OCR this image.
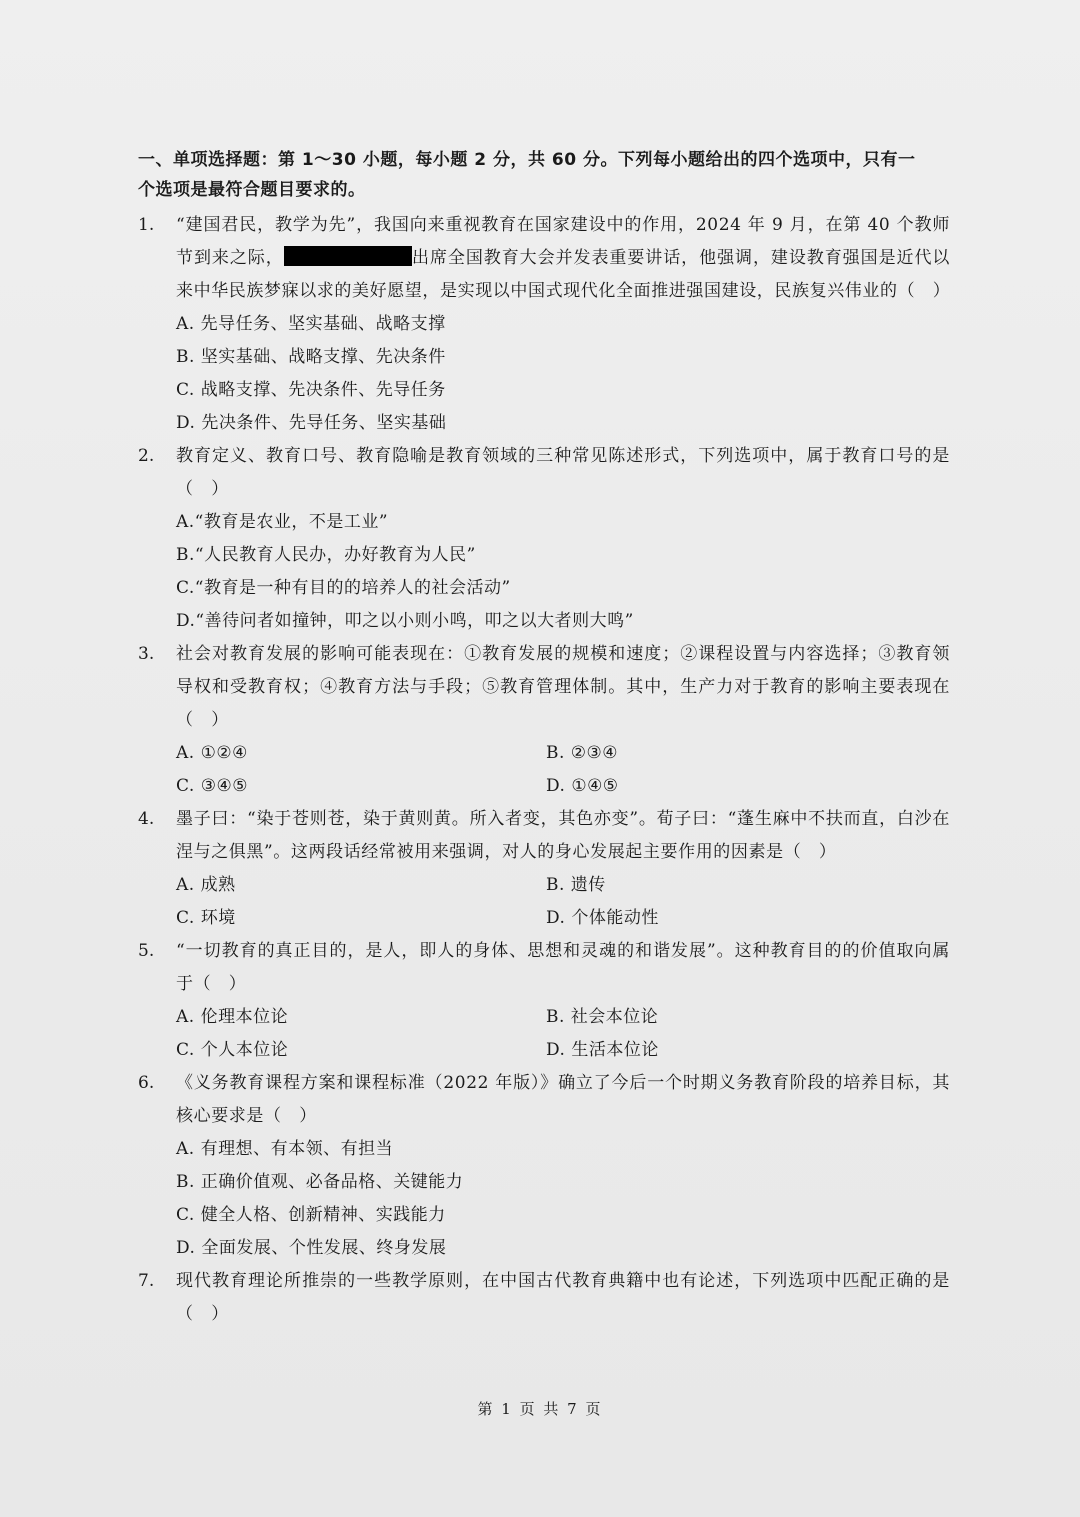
一、单项选择题：第 1～30 小题，每小题 2 分，共 60 分。下列每小题给出的四个选项中，只有一
个选项是最符合题目要求的。
1. “建国君民，教学为先”，我国向来重视教育在国家建设中的作用，2024 年 9 月，在第 40 个教师节到来之际，	出席全国教育大会并发表重要讲话，他强调，建设教育强国是近代以来中华民族梦寐以求的美好愿望，是实现以中国式现代化全面推进强国建设，民族复兴伟业的（　）
A. 先导任务、坚实基础、战略支撑
B. 坚实基础、战略支撑、先决条件
C. 战略支撑、先决条件、先导任务
D. 先决条件、先导任务、坚实基础
2. 教育定义、教育口号、教育隐喻是教育领域的三种常见陈述形式，下列选项中，属于教育口号的是（　）
A.“教育是农业，不是工业”
B.“人民教育人民办，办好教育为人民”
C.“教育是一种有目的的培养人的社会活动”
D.“善待问者如撞钟，叩之以小则小鸣，叩之以大者则大鸣”
3. 社会对教育发展的影响可能表现在：①教育发展的规模和速度；②课程设置与内容选择；③教育领导权和受教育权；④教育方法与手段；⑤教育管理体制。其中，生产力对于教育的影响主要表现在（　）
A. ①②④	B. ②③④
C. ③④⑤	D. ①④⑤
4. 墨子曰：“染于苍则苍，染于黄则黄。所入者变，其色亦变”。荀子曰：“蓬生麻中不扶而直，白沙在涅与之俱黑”。这两段话经常被用来强调，对人的身心发展起主要作用的因素是（　）
A. 成熟	B. 遗传
C. 环境	D. 个体能动性
5. “一切教育的真正目的，是人，即人的身体、思想和灵魂的和谐发展”。这种教育目的的价值取向属于（　）
A. 伦理本位论	B. 社会本位论
C. 个人本位论	D. 生活本位论
6. 《义务教育课程方案和课程标准（2022 年版）》确立了今后一个时期义务教育阶段的培养目标，其核心要求是（　）
A. 有理想、有本领、有担当
B. 正确价值观、必备品格、关键能力
C. 健全人格、创新精神、实践能力
D. 全面发展、个性发展、终身发展
7. 现代教育理论所推崇的一些教学原则，在中国古代教育典籍中也有论述，下列选项中匹配正确的是（　）
第 1 页 共 7 页
